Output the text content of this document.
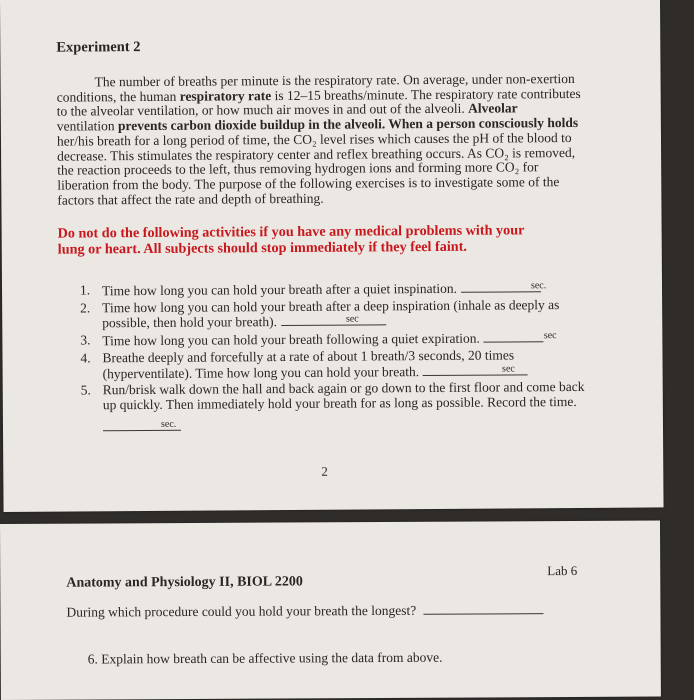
Experiment 2
The number of breaths per minute is the respiratory rate. On average, under non-exertion
conditions, the human respiratory rate is 12–15 breaths/minute. The respiratory rate contributes
to the alveolar ventilation, or how much air moves in and out of the alveoli. Alveolar
ventilation prevents carbon dioxide buildup in the alveoli. When a person consciously holds
her/his breath for a long period of time, the CO₂ level rises which causes the pH of the blood to
decrease. This stimulates the respiratory center and reflex breathing occurs. As CO₂ is removed,
the reaction proceeds to the left, thus removing hydrogen ions and forming more CO₂ for
liberation from the body. The purpose of the following exercises is to investigate some of the
factors that affect the rate and depth of breathing.
Do not do the following activities if you have any medical problems with your
lung or heart. All subjects should stop immediately if they feel faint.
1. Time how long you can hold your breath after a quiet inspination.	$^{sec.}$
2. Time how long you can hold your breath after a deep inspiration (inhale as deeply as
possible, then hold your breath).	$^{sec}$
3. Time how long you can hold your breath following a quiet expiration.	$^{sec}$
4. Breathe deeply and forcefully at a rate of about 1 breath/3 seconds, 20 times
(hyperventilate). Time how long you can hold your breath.	$^{sec}$
5. Run/brisk walk down the hall and back again or go down to the first floor and come back
up quickly. Then immediately hold your breath for as long as possible. Record the time.
$^{sec.}$
2
Anatomy and Physiology II, BIOL 2200
Lab 6
During which procedure could you hold your breath the longest?
6. Explain how breath can be affective using the data from above.
